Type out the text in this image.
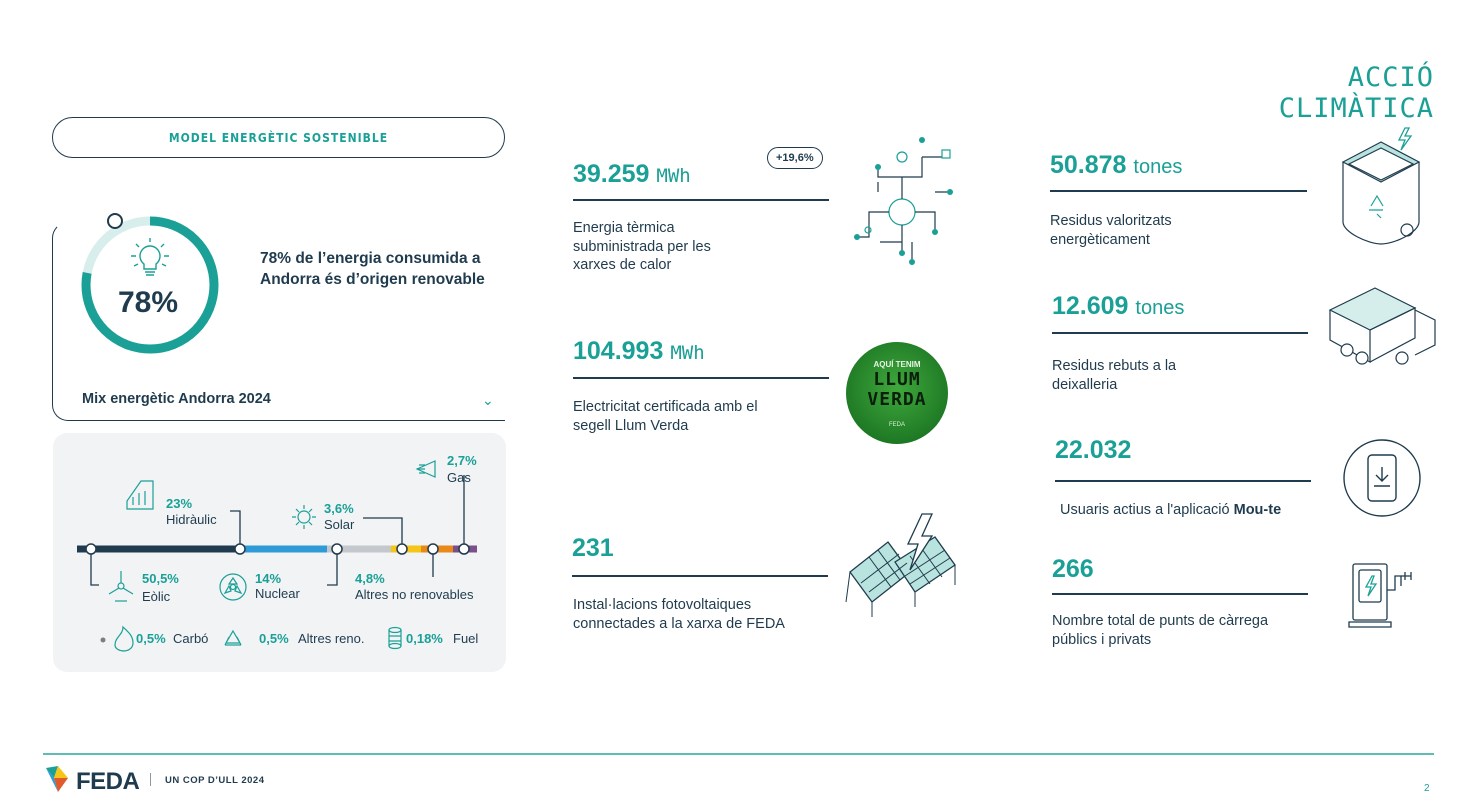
ACCIÓ CLIMÀTICA
MODEL ENERGÈTIC SOSTENIBLE
78%
78% de l’energia consumida a Andorra és d’origen renovable
Mix energètic Andorra 2024	⌄
23%
Hidràulic
50,5%
Eòlic
14%
Nuclear
3,6%
Solar
4,8%
Altres no renovables
2,7%
Gas
0,5% Carbó	0,5% Altres reno.	0,18% Fuel
39.259 MWh
+19,6%
Energia tèrmica subministrada per les xarxes de calor
104.993 MWh
Electricitat certificada amb el segell Llum Verda
AQUÍ TENIM
LLUM
VERDA
FEDA
231
Instal·lacions fotovoltaiques connectades a la xarxa de FEDA
50.878 tones
Residus valoritzats energèticament
12.609 tones
Residus rebuts a la deixalleria
22.032
Usuaris actius a l'aplicació Mou-te
266
Nombre total de punts de càrrega públics i privats
FEDA	UN COP D’ULL 2024
2
